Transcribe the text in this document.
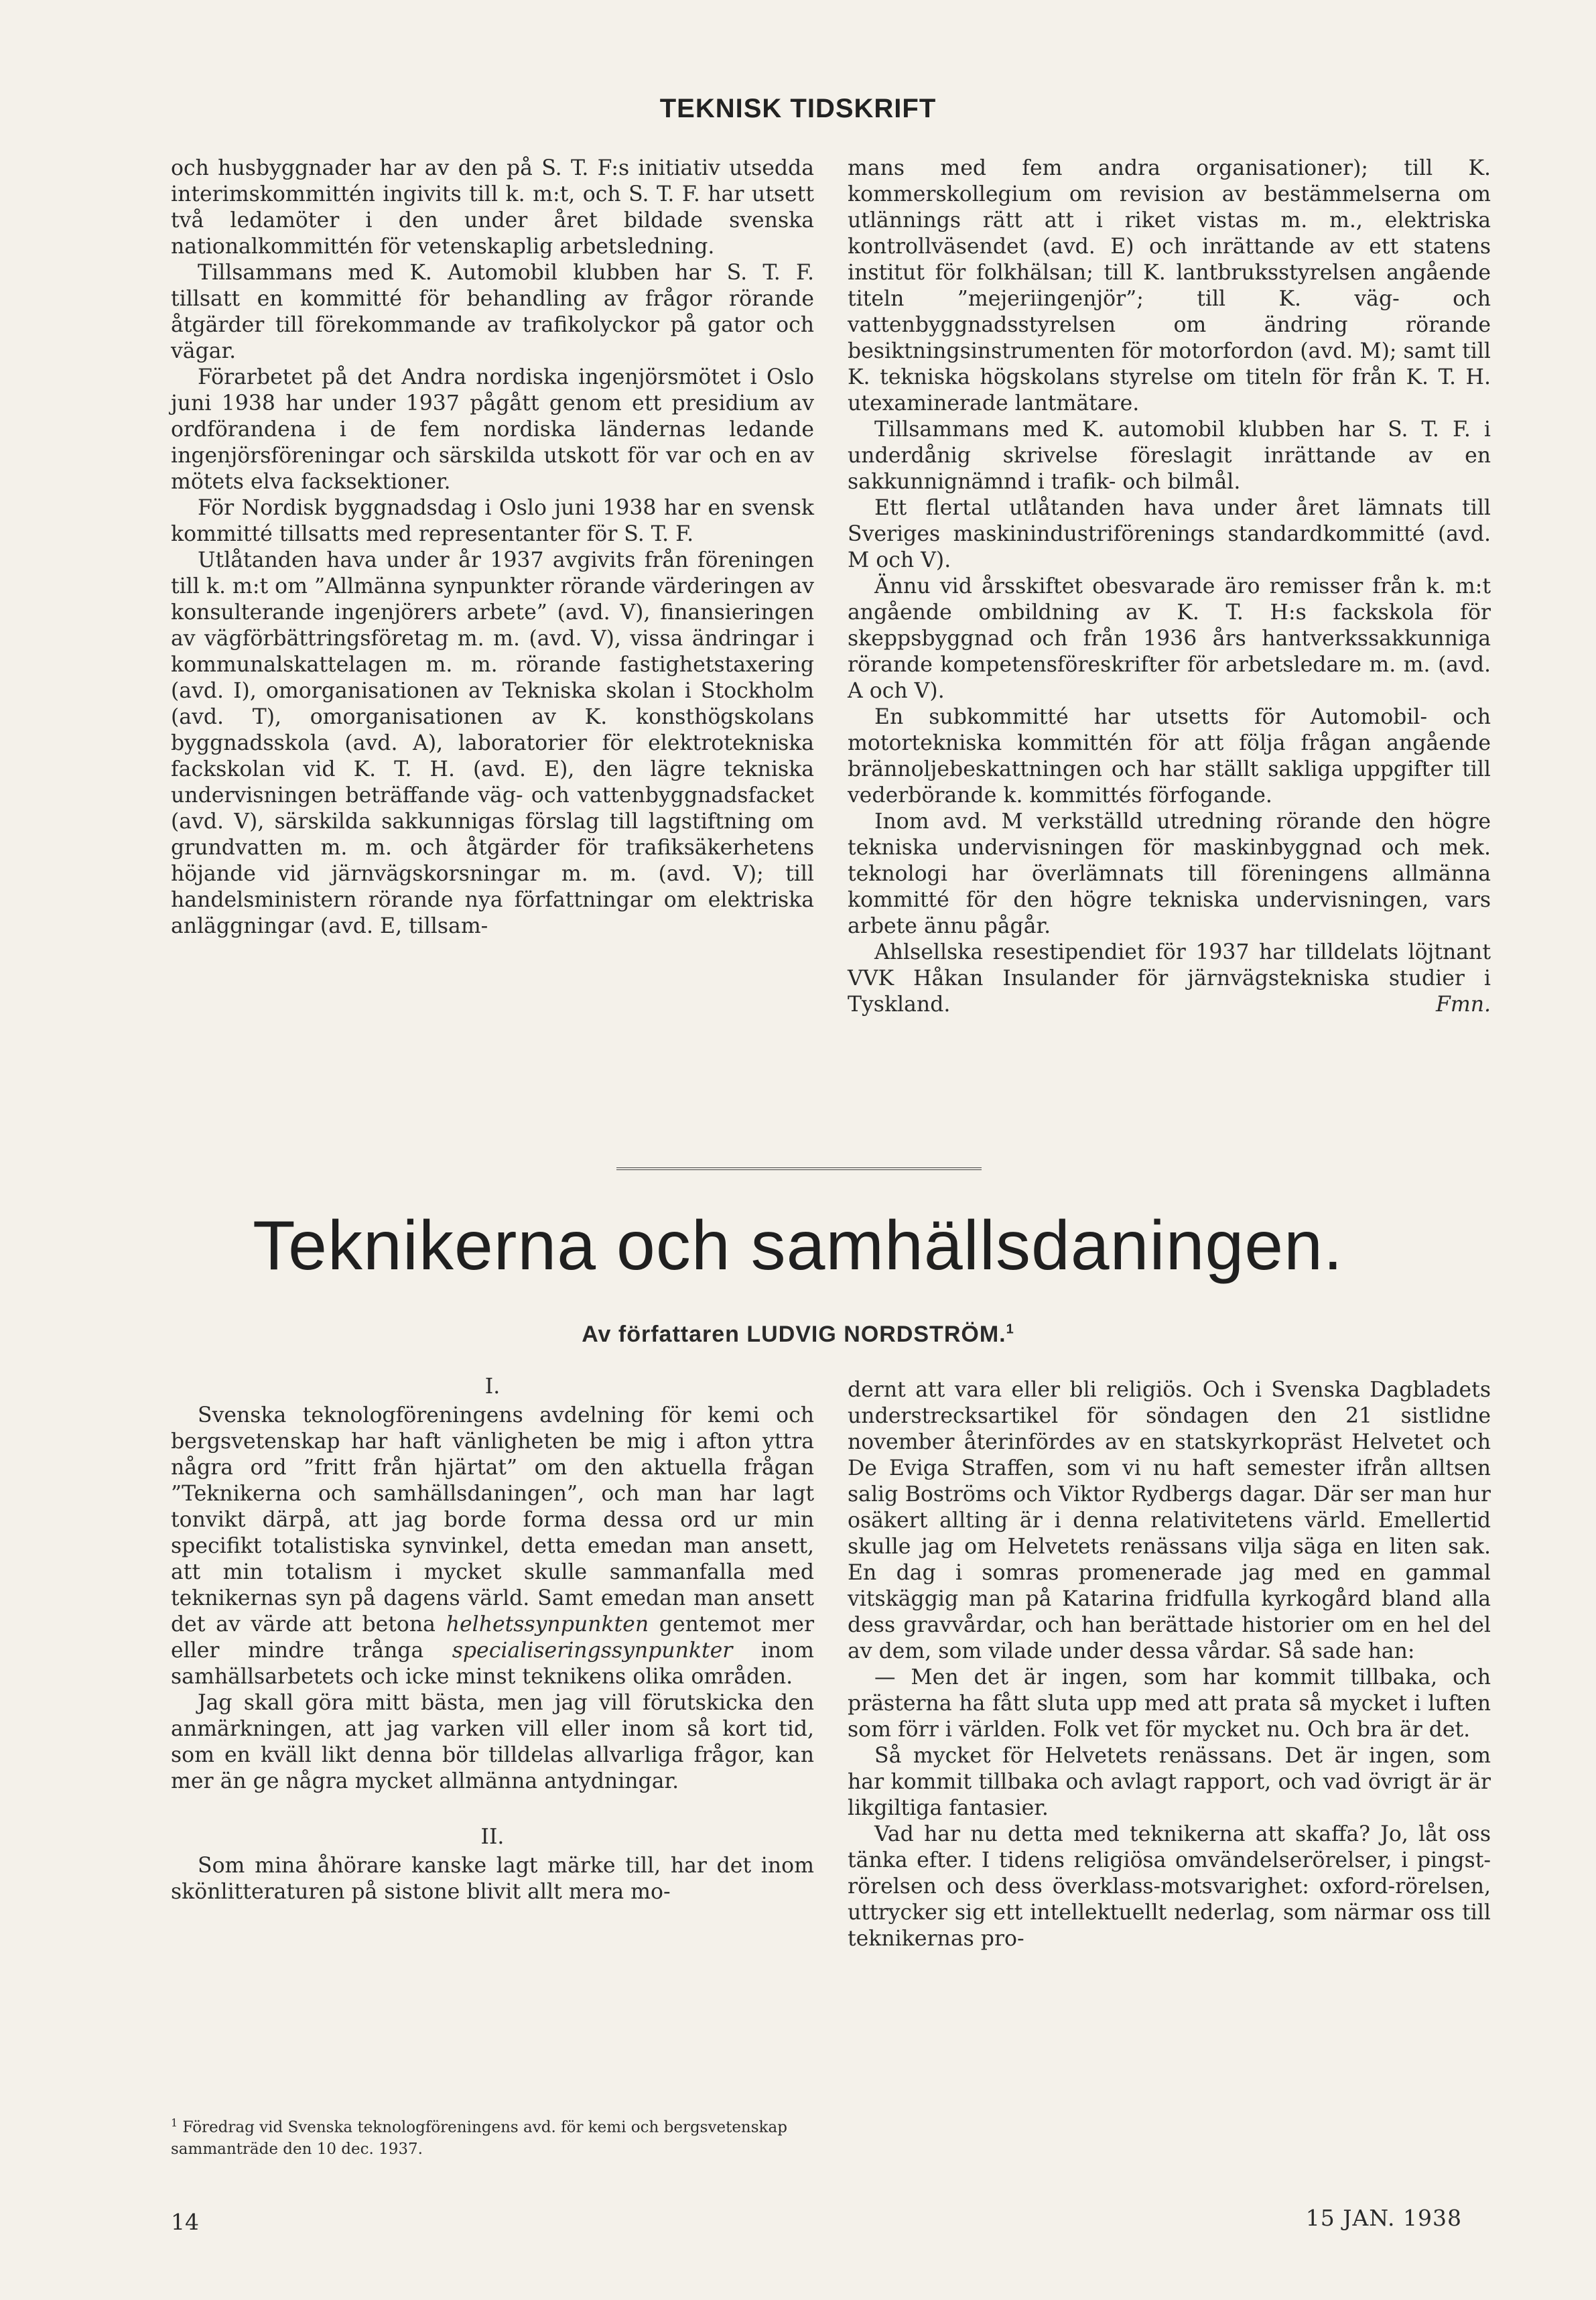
TEKNISK TIDSKRIFT

och husbyggnader har av den på S. T. F:s initiativ utsedda interimskommittén ingivits till k. m:t, och S. T. F. har utsett två ledamöter i den under året bildade svenska nationalkommittén för vetenskaplig arbetsledning.

Tillsammans med K. Automobil klubben har S. T. F. tillsatt en kommitté för behandling av frågor rörande åtgärder till förekommande av trafikolyckor på gator och vägar.

Förarbetet på det Andra nordiska ingenjörsmötet i Oslo juni 1938 har under 1937 pågått genom ett presidium av ordförandena i de fem nordiska ländernas ledande ingenjörsföreningar och särskilda utskott för var och en av mötets elva facksektioner.

För Nordisk byggnadsdag i Oslo juni 1938 har en svensk kommitté tillsatts med representanter för S. T. F.

Utlåtanden hava under år 1937 avgivits från föreningen till k. m:t om ”Allmänna synpunkter rörande värderingen av konsulterande ingenjörers arbete” (avd. V), finansieringen av vägförbättringsföretag m. m. (avd. V), vissa ändringar i kommunalskattelagen m. m. rörande fastighetstaxering (avd. I), omorganisationen av Tekniska skolan i Stockholm (avd. T), omorganisationen av K. konsthögskolans byggnadsskola (avd. A), laboratorier för elektrotekniska fackskolan vid K. T. H. (avd. E), den lägre tekniska undervisningen beträffande väg- och vattenbyggnadsfacket (avd. V), särskilda sakkunnigas förslag till lagstiftning om grundvatten m. m. och åtgärder för trafiksäkerhetens höjande vid järnvägskorsningar m. m. (avd. V); till handelsministern rörande nya författningar om elektriska anläggningar (avd. E, tillsam-

mans med fem andra organisationer); till K. kommerskollegium om revision av bestämmelserna om utlännings rätt att i riket vistas m. m., elektriska kontrollväsendet (avd. E) och inrättande av ett statens institut för folkhälsan; till K. lantbruksstyrelsen angående titeln ”mejeriingenjör”; till K. väg- och vattenbyggnadsstyrelsen om ändring rörande besiktningsinstrumenten för motorfordon (avd. M); samt till K. tekniska högskolans styrelse om titeln för från K. T. H. utexaminerade lantmätare.

Tillsammans med K. automobil klubben har S. T. F. i underdånig skrivelse föreslagit inrättande av en sakkunnignämnd i trafik- och bilmål.

Ett flertal utlåtanden hava under året lämnats till Sveriges maskinindustriförenings standardkommitté (avd. M och V).

Ännu vid årsskiftet obesvarade äro remisser från k. m:t angående ombildning av K. T. H:s fackskola för skeppsbyggnad och från 1936 års hantverkssakkunniga rörande kompetensföreskrifter för arbetsledare m. m. (avd. A och V).

En subkommitté har utsetts för Automobil- och motortekniska kommittén för att följa frågan angående brännoljebeskattningen och har ställt sakliga uppgifter till vederbörande k. kommittés förfogande.

Inom avd. M verkställd utredning rörande den högre tekniska undervisningen för maskinbyggnad och mek. teknologi har överlämnats till föreningens allmänna kommitté för den högre tekniska undervisningen, vars arbete ännu pågår.

Ahlsellska resestipendiet för 1937 har tilldelats löjtnant VVK Håkan Insulander för järnvägstekniska studier i Tyskland.	Fmn.

Teknikerna och samhällsdaningen.
Av författaren LUDVIG NORDSTRÖM.$^1$

I.

Svenska teknologföreningens avdelning för kemi och bergsvetenskap har haft vänligheten be mig i afton yttra några ord ”fritt från hjärtat” om den aktuella frågan ”Teknikerna och samhällsdaningen”, och man har lagt tonvikt därpå, att jag borde forma dessa ord ur min specifikt totalistiska synvinkel, detta emedan man ansett, att min totalism i mycket skulle sammanfalla med teknikernas syn på dagens värld. Samt emedan man ansett det av värde att betona helhetssynpunkten gentemot mer eller mindre trånga specialiseringssynpunkter inom samhällsarbetets och icke minst teknikens olika områden.

Jag skall göra mitt bästa, men jag vill förutskicka den anmärkningen, att jag varken vill eller inom så kort tid, som en kväll likt denna bör tilldelas allvarliga frågor, kan mer än ge några mycket allmänna antydningar.

II.

Som mina åhörare kanske lagt märke till, har det inom skönlitteraturen på sistone blivit allt mera mo-

dernt att vara eller bli religiös. Och i Svenska Dagbladets understrecksartikel för söndagen den 21 sistlidne november återinfördes av en statskyrkopräst Helvetet och De Eviga Straffen, som vi nu haft semester ifrån alltsen salig Boströms och Viktor Rydbergs dagar. Där ser man hur osäkert allting är i denna relativitetens värld. Emellertid skulle jag om Helvetets renässans vilja säga en liten sak. En dag i somras promenerade jag med en gammal vitskäggig man på Katarina fridfulla kyrkogård bland alla dess gravvårdar, och han berättade historier om en hel del av dem, som vilade under dessa vårdar. Så sade han:

— Men det är ingen, som har kommit tillbaka, och prästerna ha fått sluta upp med att prata så mycket i luften som förr i världen. Folk vet för mycket nu. Och bra är det.

Så mycket för Helvetets renässans. Det är ingen, som har kommit tillbaka och avlagt rapport, och vad övrigt är är likgiltiga fantasier.

Vad har nu detta med teknikerna att skaffa? Jo, låt oss tänka efter. I tidens religiösa omvändelserörelser, i pingst-rörelsen och dess överklass-motsvarighet: oxford-rörelsen, uttrycker sig ett intellektuellt nederlag, som närmar oss till teknikernas pro-

$^1$ Föredrag vid Svenska teknologföreningens avd. för kemi och bergsvetenskap sammanträde den 10 dec. 1937.
14	15 JAN. 1938
